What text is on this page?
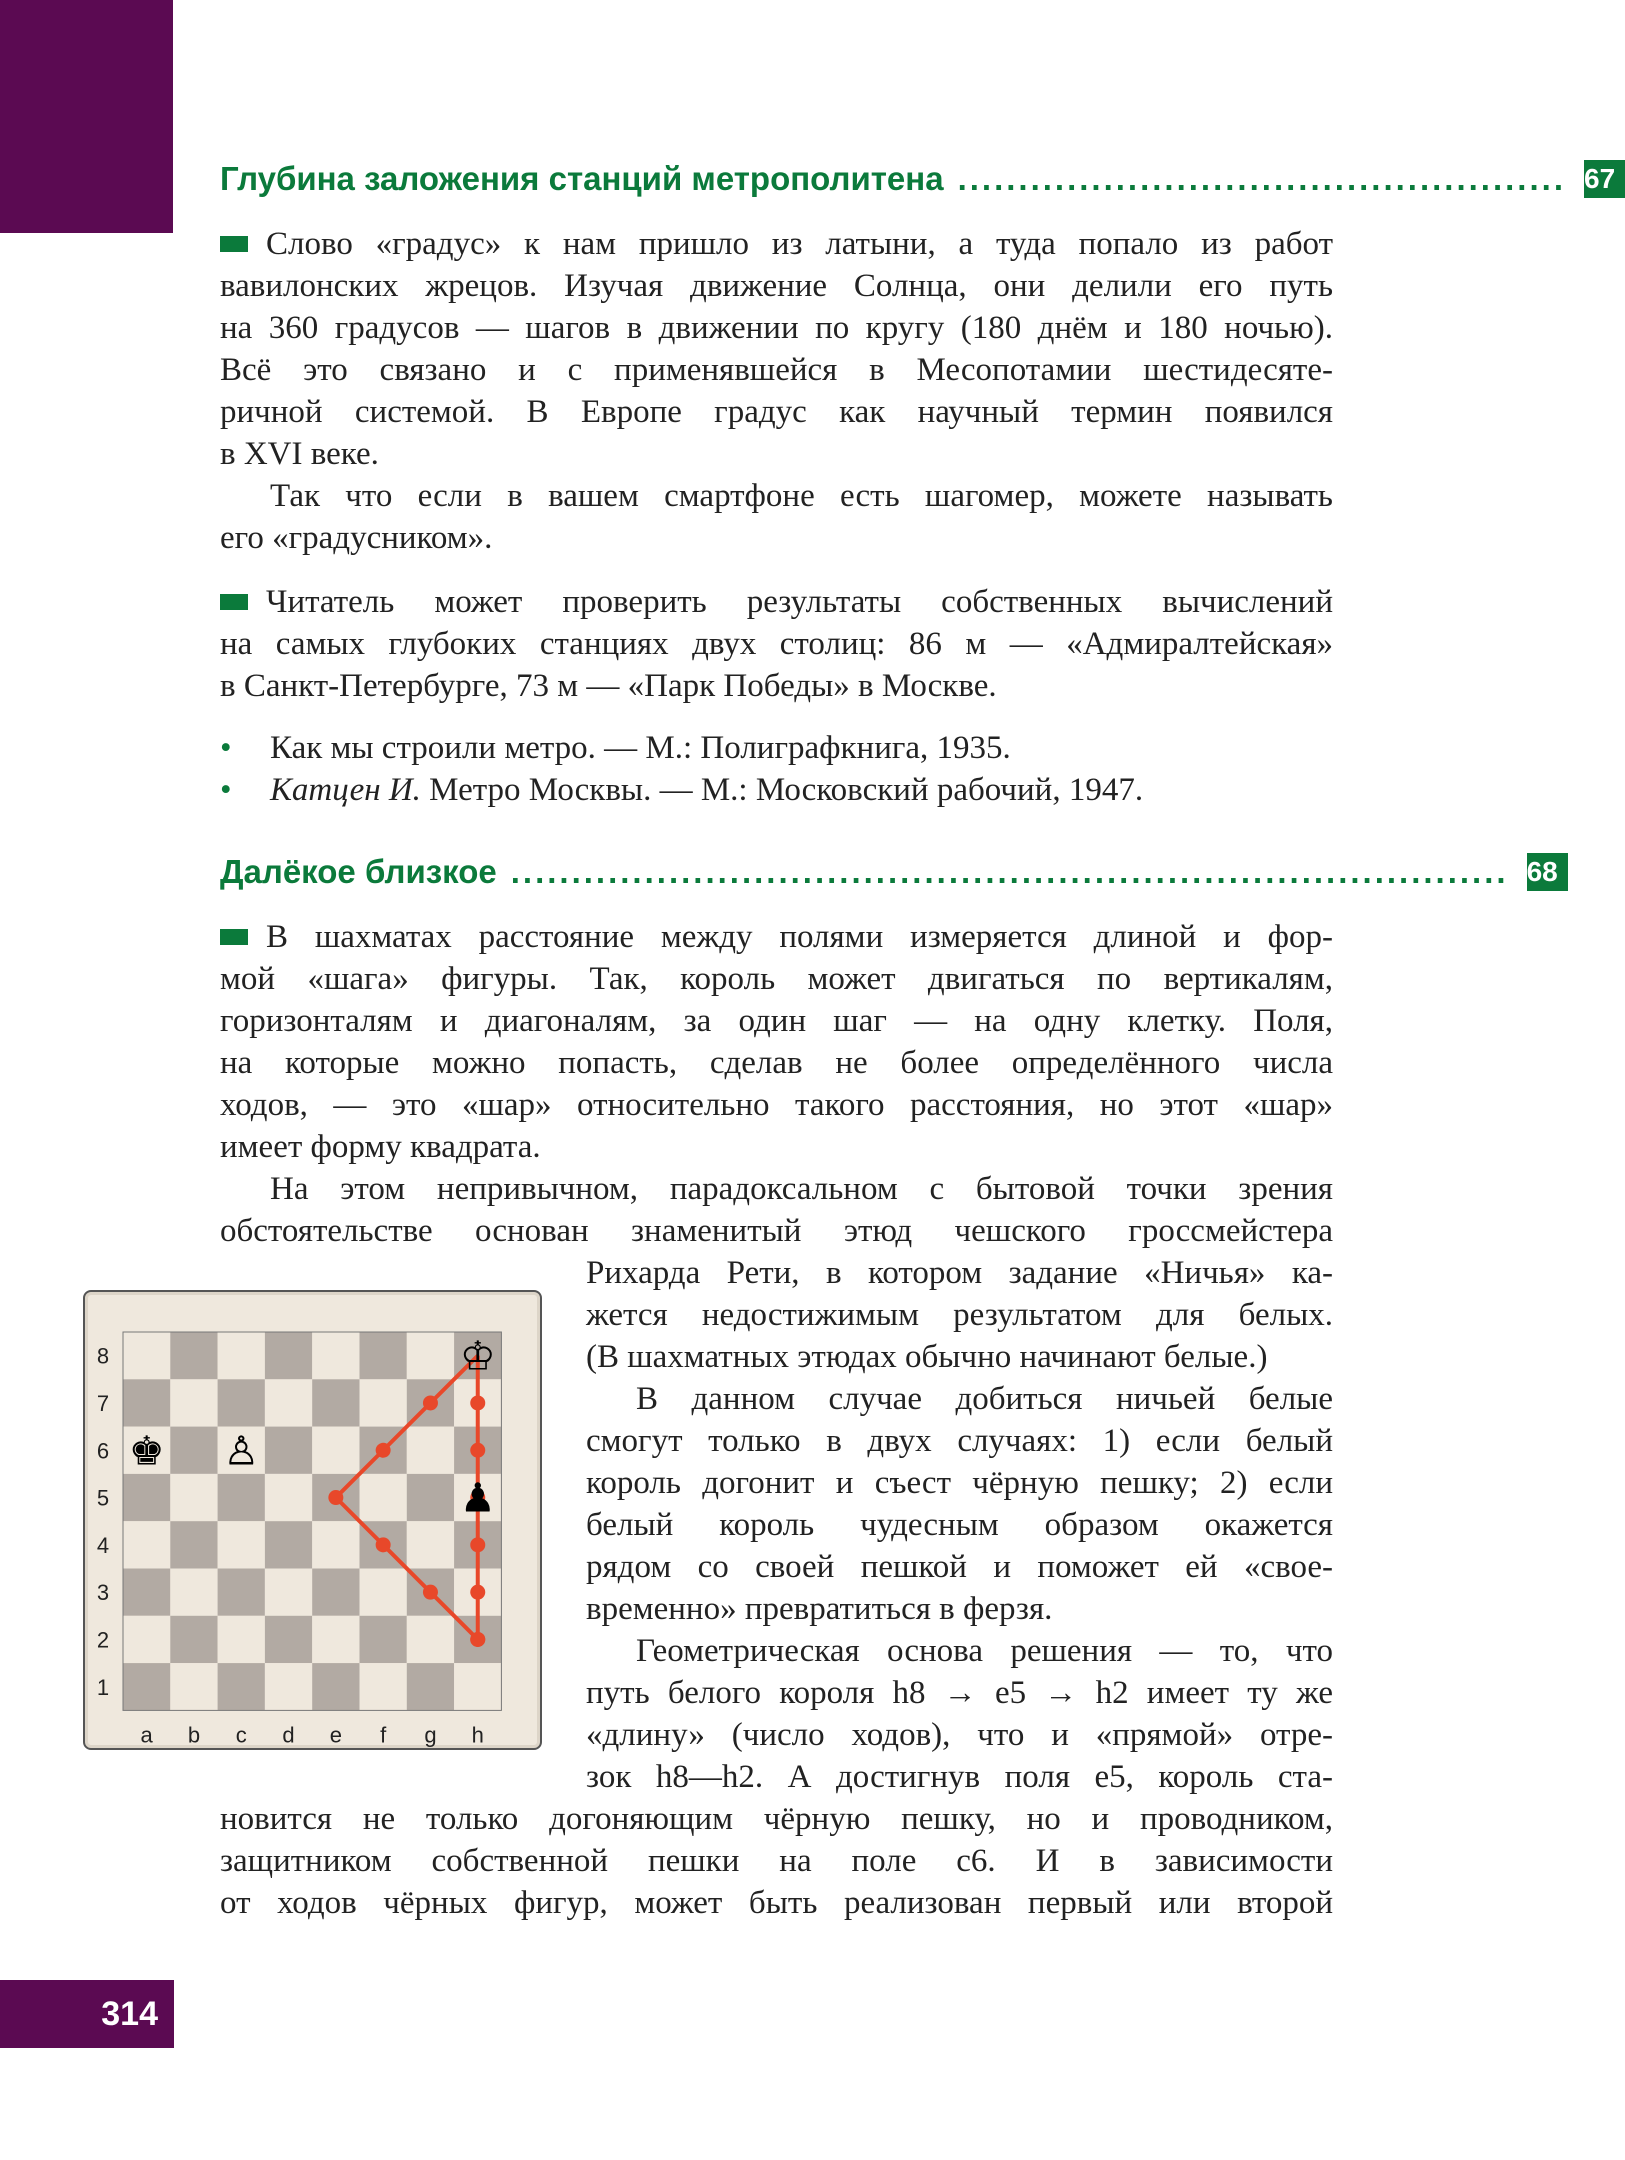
Глубина заложения станций метрополитена .................................................. 67
Слово «градус» к нам пришло из латыни, а туда попало из работ
вавилонских жрецов. Изучая движение Солнца, они делили его путь
на 360 градусов — шагов в движении по кругу (180 днём и 180 ночью).
Всё это связано и с применявшейся в Месопотамии шестидесяте-
ричной системой. В Европе градус как научный термин появился
в XVI веке.
Так что если в вашем смартфоне есть шагомер, можете называть
его «градусником».
Читатель может проверить результаты собственных вычислений
на самых глубоких станциях двух столиц: 86 м — «Адмиралтейская»
в Санкт-Петербурге, 73 м — «Парк Победы» в Москве.
• Как мы строили метро. — М.: Полиграфкнига, 1935.
• Катцен И. Метро Москвы. — М.: Московский рабочий, 1947.
Далёкое близкое .................................................................................. 68
В шахматах расстояние между полями измеряется длиной и фор-
мой «шага» фигуры. Так, король может двигаться по вертикалям,
горизонталям и диагоналям, за один шаг — на одну клетку. Поля,
на которые можно попасть, сделав не более определённого числа
ходов, — это «шар» относительно такого расстояния, но этот «шар»
имеет форму квадрата.
На этом непривычном, парадоксальном с бытовой точки зрения
обстоятельстве основан знаменитый этюд чешского гроссмейстера
Рихарда Рети, в котором задание «Ничья» ка-
жется недостижимым результатом для белых.
(В шахматных этюдах обычно начинают белые.)
В данном случае добиться ничьей белые
смогут только в двух случаях: 1) если белый
король догонит и съест чёрную пешку; 2) если
белый король чудесным образом окажется
рядом со своей пешкой и поможет ей «свое-
временно» превратиться в ферзя.
Геометрическая основа решения — то, что
путь белого короля h8 → e5 → h2 имеет ту же
«длину» (число ходов), что и «прямой» отре-
зок h8—h2. А достигнув поля e5, король ста-
новится не только догоняющим чёрную пешку, но и проводником,
защитником собственной пешки на поле c6. И в зависимости
от ходов чёрных фигур, может быть реализован первый или второй
8
7
6
5
4
3
2
1
a b c d e f g h
♔
♚ ♙
♟
314
